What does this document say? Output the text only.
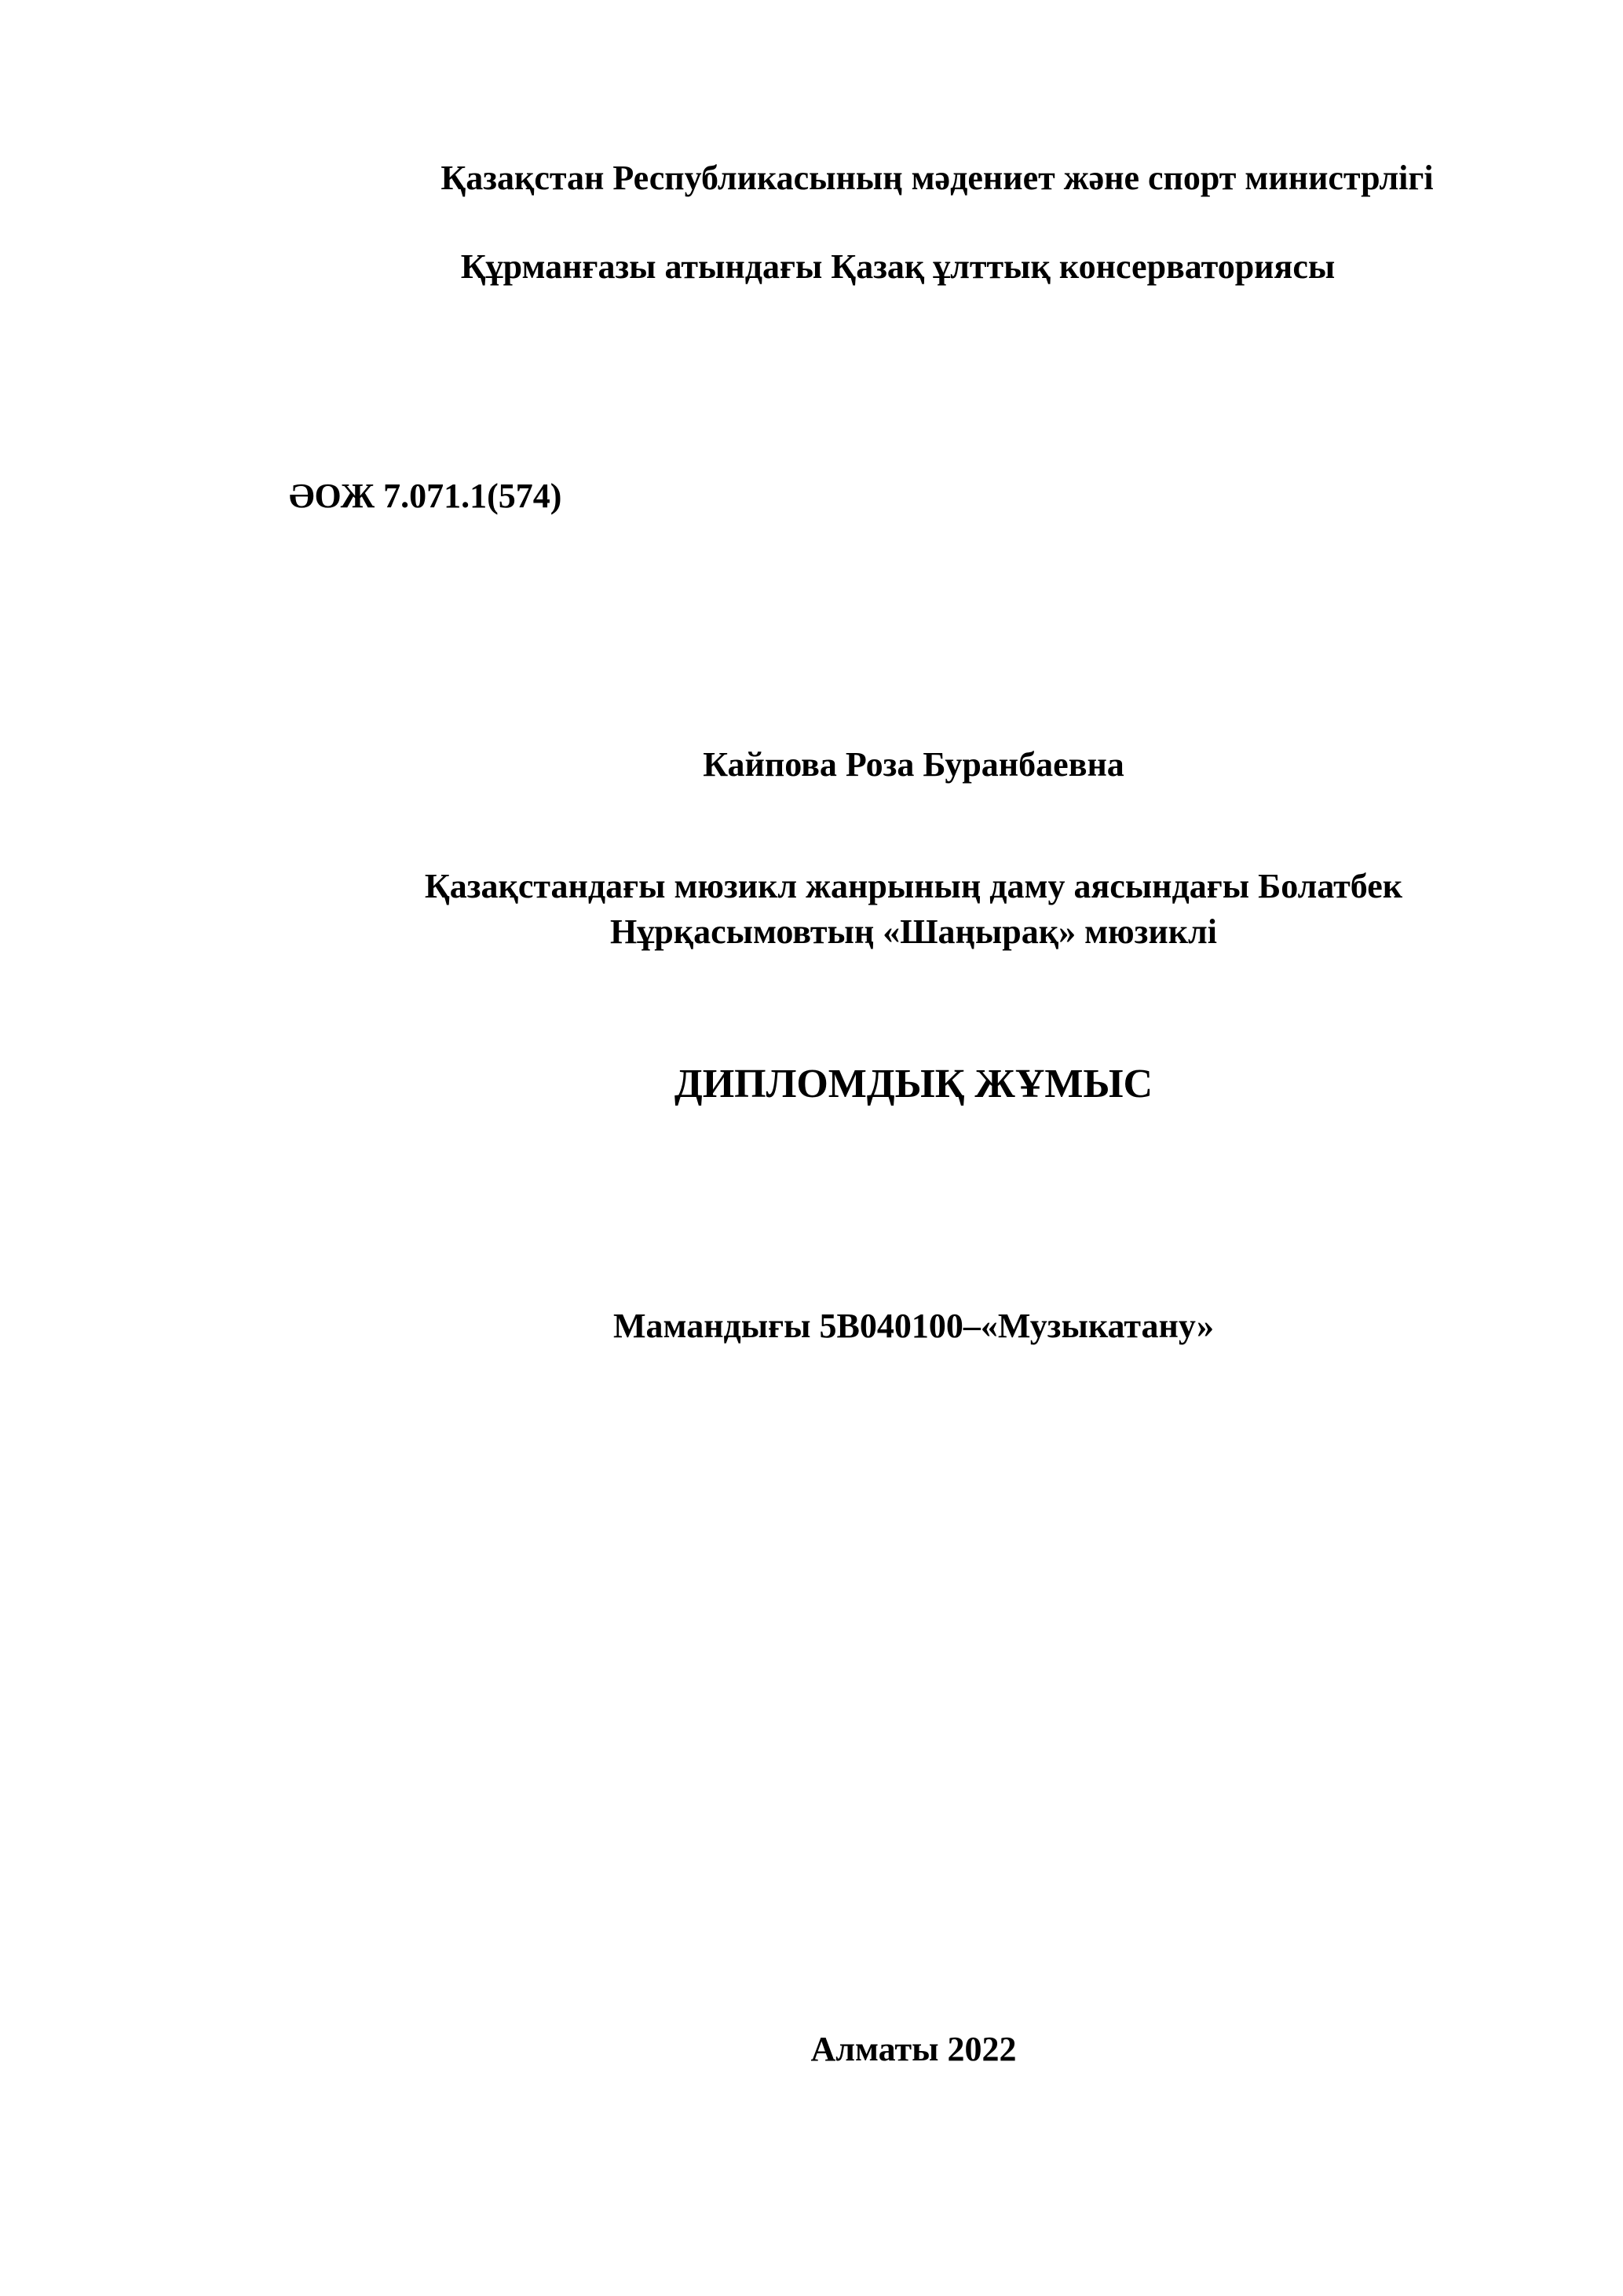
Қазақстан Республикасының мәдениет және спорт министрлігі
Құрманғазы атындағы Қазақ ұлттық консерваториясы
ӘОЖ 7.071.1(574)
Кайпова Роза Буранбаевна
Қазақстандағы мюзикл жанрының даму аясындағы Болатбек
Нұрқасымовтың «Шаңырақ» мюзиклі
ДИПЛОМДЫҚ ЖҰМЫС
Мамандығы 5В040100–«Музыкатану»
Алматы 2022
